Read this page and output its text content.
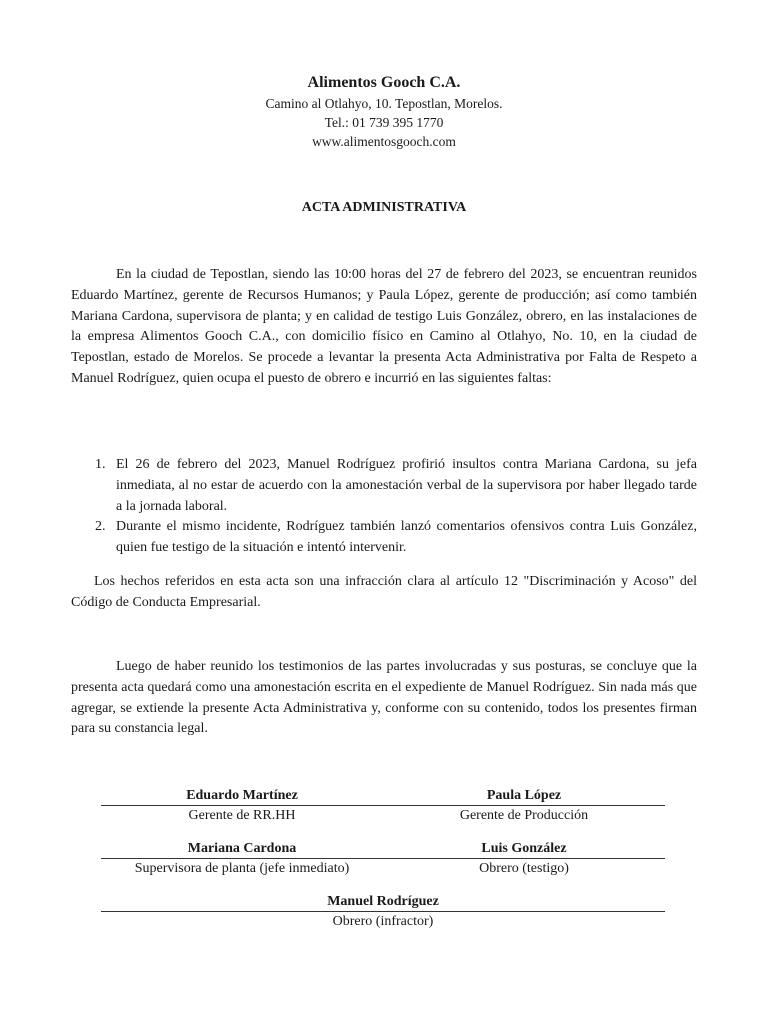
Alimentos Gooch C.A.
Camino al Otlahyo, 10. Tepostlan, Morelos.
Tel.: 01 739 395 1770
www.alimentosgooch.com
ACTA ADMINISTRATIVA

En la ciudad de Tepostlan, siendo las 10:00 horas del 27 de febrero del 2023, se encuentran reunidos Eduardo Martínez, gerente de Recursos Humanos; y Paula López, gerente de producción; así como también Mariana Cardona, supervisora de planta; y en calidad de testigo Luis González, obrero, en las instalaciones de la empresa Alimentos Gooch C.A., con domicilio físico en Camino al Otlahyo, No. 10, en la ciudad de Tepostlan, estado de Morelos. Se procede a levantar la presenta Acta Administrativa por Falta de Respeto a Manuel Rodríguez, quien ocupa el puesto de obrero e incurrió en las siguientes faltas:

1. El 26 de febrero del 2023, Manuel Rodríguez profirió insultos contra Mariana Cardona, su jefa inmediata, al no estar de acuerdo con la amonestación verbal de la supervisora por haber llegado tarde a la jornada laboral.
2. Durante el mismo incidente, Rodríguez también lanzó comentarios ofensivos contra Luis González, quien fue testigo de la situación e intentó intervenir.

Los hechos referidos en esta acta son una infracción clara al artículo 12 "Discriminación y Acoso" del Código de Conducta Empresarial.

Luego de haber reunido los testimonios de las partes involucradas y sus posturas, se concluye que la presenta acta quedará como una amonestación escrita en el expediente de Manuel Rodríguez. Sin nada más que agregar, se extiende la presente Acta Administrativa y, conforme con su contenido, todos los presentes firman para su constancia legal.

Eduardo Martínez	Paula López
Gerente de RR.HH	Gerente de Producción
Mariana Cardona	Luis González
Supervisora de planta (jefe inmediato)	Obrero (testigo)
Manuel Rodríguez
Obrero (infractor)
